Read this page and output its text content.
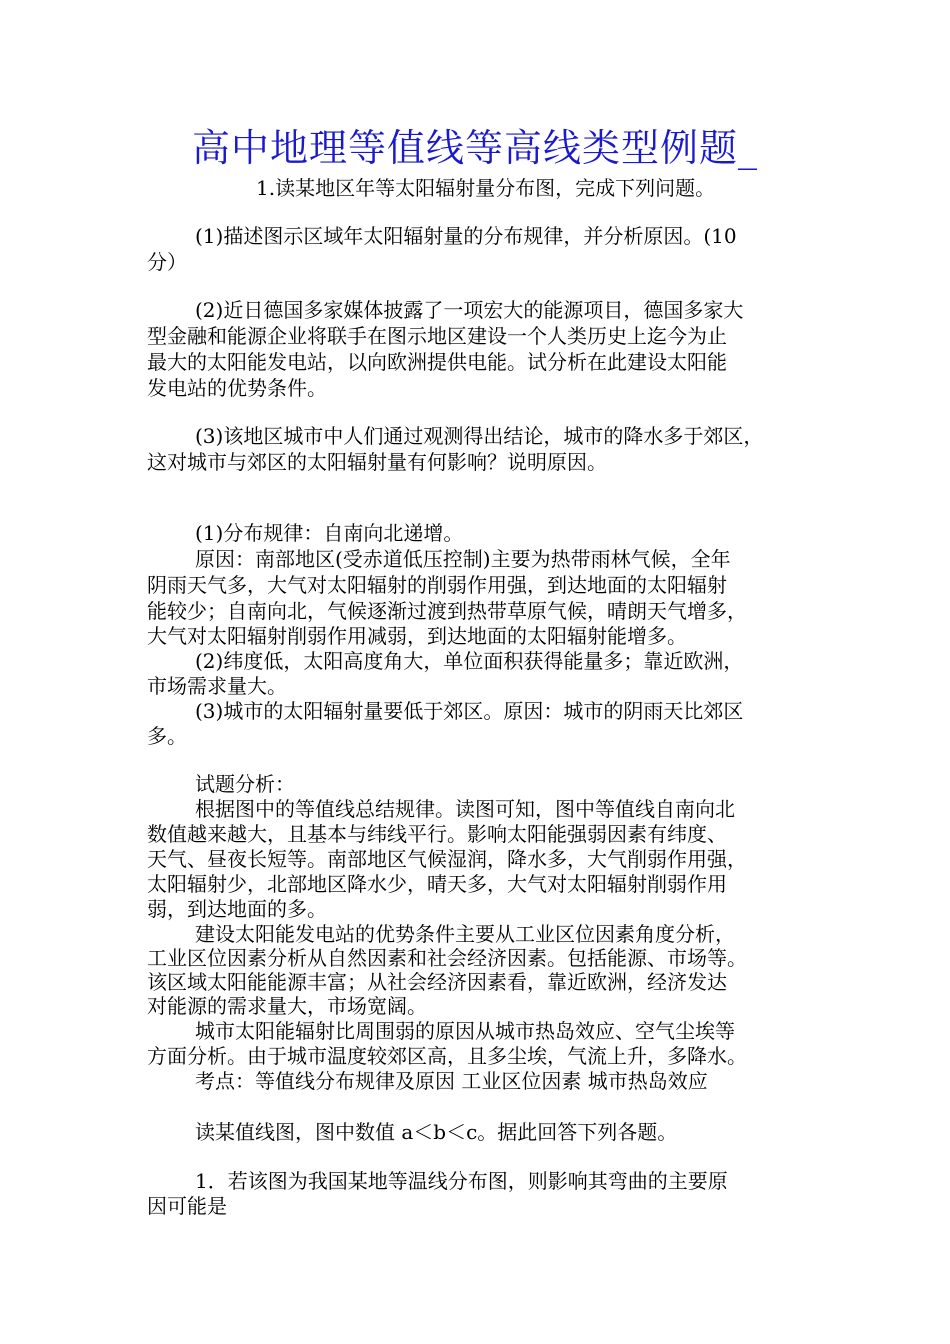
高中地理等值线等高线类型例题_
1.读某地区年等太阳辐射量分布图，完成下列问题。
(1)描述图示区域年太阳辐射量的分布规律，并分析原因。(10
分）
(2)近日德国多家媒体披露了一项宏大的能源项目，德国多家大
型金融和能源企业将联手在图示地区建设一个人类历史上迄今为止
最大的太阳能发电站，以向欧洲提供电能。试分析在此建设太阳能
发电站的优势条件。
(3)该地区城市中人们通过观测得出结论，城市的降水多于郊区，
这对城市与郊区的太阳辐射量有何影响？说明原因。
(1)分布规律：自南向北递增。
原因：南部地区(受赤道低压控制)主要为热带雨林气候，全年
阴雨天气多，大气对太阳辐射的削弱作用强，到达地面的太阳辐射
能较少；自南向北，气候逐渐过渡到热带草原气候，晴朗天气增多，
大气对太阳辐射削弱作用减弱，到达地面的太阳辐射能增多。
(2)纬度低，太阳高度角大，单位面积获得能量多；靠近欧洲，
市场需求量大。
(3)城市的太阳辐射量要低于郊区。原因：城市的阴雨天比郊区
多。
试题分析：
根据图中的等值线总结规律。读图可知，图中等值线自南向北
数值越来越大，且基本与纬线平行。影响太阳能强弱因素有纬度、
天气、昼夜长短等。南部地区气候湿润，降水多，大气削弱作用强，
太阳辐射少，北部地区降水少，晴天多，大气对太阳辐射削弱作用
弱，到达地面的多。
建设太阳能发电站的优势条件主要从工业区位因素角度分析，
工业区位因素分析从自然因素和社会经济因素。包括能源、市场等。
该区域太阳能能源丰富；从社会经济因素看，靠近欧洲，经济发达
对能源的需求量大，市场宽阔。
城市太阳能辐射比周围弱的原因从城市热岛效应、空气尘埃等
方面分析。由于城市温度较郊区高，且多尘埃，气流上升，多降水。
考点：等值线分布规律及原因 工业区位因素 城市热岛效应
读某值线图，图中数值 a＜b＜c。据此回答下列各题。
1．若该图为我国某地等温线分布图，则影响其弯曲的主要原
因可能是
